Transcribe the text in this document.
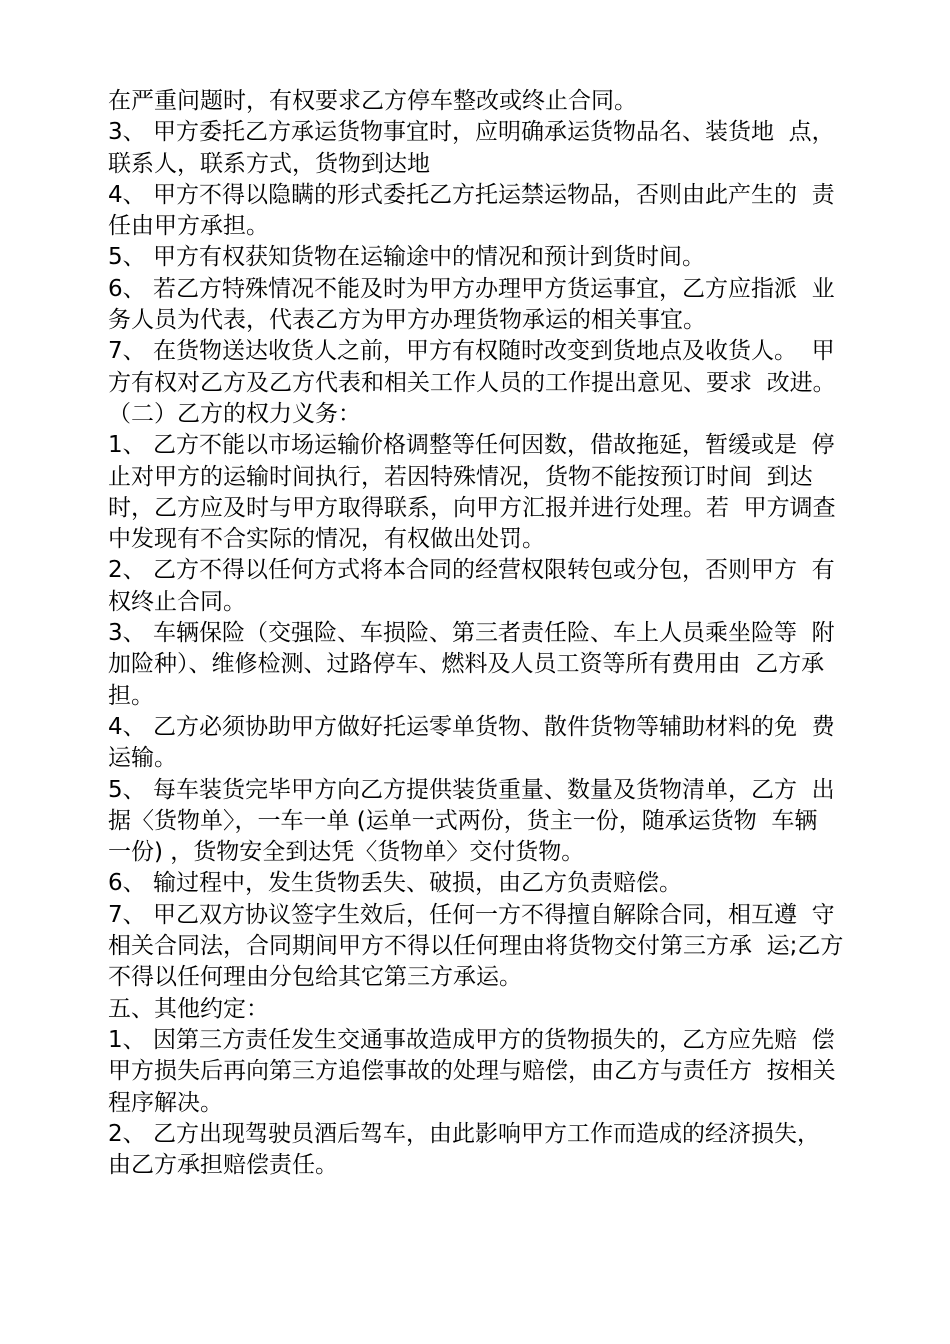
在严重问题时，有权要求乙方停车整改或终止合同。
3、 甲方委托乙方承运货物事宜时，应明确承运货物品名、装货地  点，
联系人，联系方式，货物到达地
4、 甲方不得以隐瞒的形式委托乙方托运禁运物品，否则由此产生的  责
任由甲方承担。
5、 甲方有权获知货物在运输途中的情况和预计到货时间。
6、 若乙方特殊情况不能及时为甲方办理甲方货运事宜，乙方应指派  业
务人员为代表，代表乙方为甲方办理货物承运的相关事宜。
7、 在货物送达收货人之前，甲方有权随时改变到货地点及收货人。  甲
方有权对乙方及乙方代表和相关工作人员的工作提出意见、要求  改进。
（二）乙方的权力义务：
1、 乙方不能以市场运输价格调整等任何因数，借故拖延，暂缓或是  停
止对甲方的运输时间执行，若因特殊情况，货物不能按预订时间  到达
时，乙方应及时与甲方取得联系，向甲方汇报并进行处理。若  甲方调查
中发现有不合实际的情况，有权做出处罚。
2、 乙方不得以任何方式将本合同的经营权限转包或分包，否则甲方  有
权终止合同。
3、 车辆保险（交强险、车损险、第三者责任险、车上人员乘坐险等  附
加险种）、维修检测、过路停车、燃料及人员工资等所有费用由  乙方承
担。
4、 乙方必须协助甲方做好托运零单货物、散件货物等辅助材料的免  费
运输。
5、 每车装货完毕甲方向乙方提供装货重量、数量及货物清单，乙方  出
据〈货物单〉，一车一单 (运单一式两份，货主一份，随承运货物  车辆
一份) ，货物安全到达凭〈货物单〉交付货物。
6、 输过程中，发生货物丢失、破损，由乙方负责赔偿。
7、 甲乙双方协议签字生效后，任何一方不得擅自解除合同，相互遵  守
相关合同法，合同期间甲方不得以任何理由将货物交付第三方承  运;乙方
不得以任何理由分包给其它第三方承运。
五、其他约定：
1、 因第三方责任发生交通事故造成甲方的货物损失的，乙方应先赔  偿
甲方损失后再向第三方追偿事故的处理与赔偿，由乙方与责任方  按相关
程序解决。
2、 乙方出现驾驶员酒后驾车，由此影响甲方工作而造成的经济损失，
由乙方承担赔偿责任。
